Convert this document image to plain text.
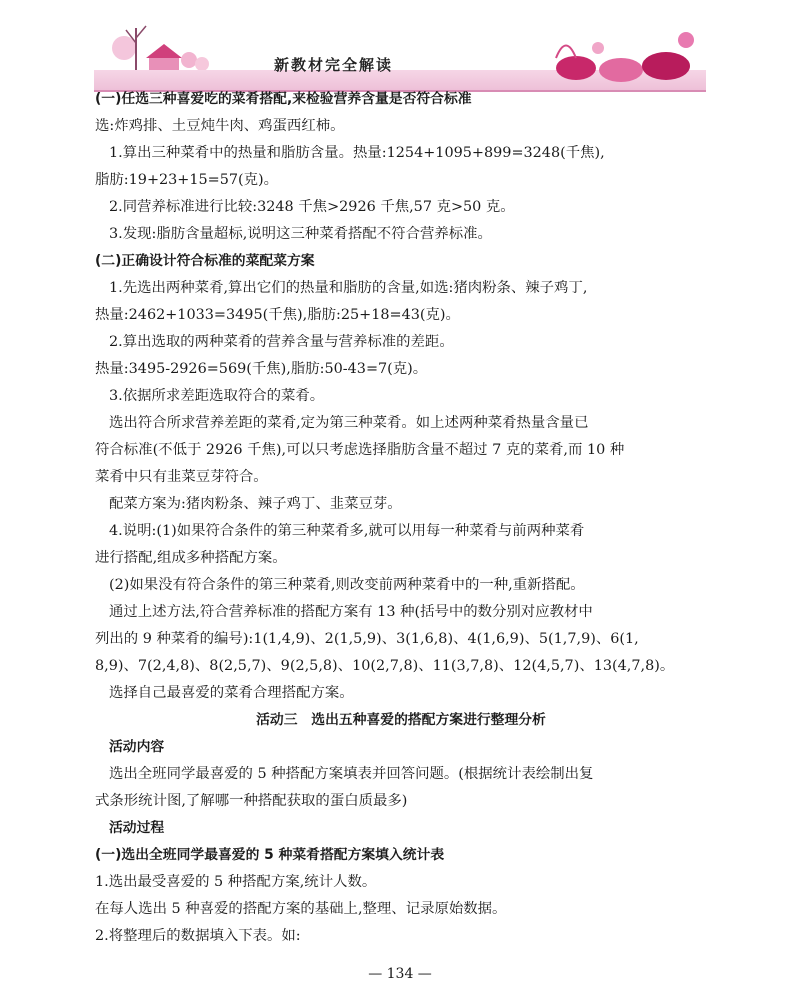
新教材完全解读

(一)任选三种喜爱吃的菜肴搭配,来检验营养含量是否符合标准

选:炸鸡排、土豆炖牛肉、鸡蛋西红柿。

1.算出三种菜肴中的热量和脂肪含量。热量:1254+1095+899=3248(千焦),

脂肪:19+23+15=57(克)。

2.同营养标准进行比较:3248 千焦>2926 千焦,57 克>50 克。

3.发现:脂肪含量超标,说明这三种菜肴搭配不符合营养标准。

(二)正确设计符合标准的菜配菜方案

1.先选出两种菜肴,算出它们的热量和脂肪的含量,如选:猪肉粉条、辣子鸡丁,

热量:2462+1033=3495(千焦),脂肪:25+18=43(克)。

2.算出选取的两种菜肴的营养含量与营养标准的差距。

热量:3495-2926=569(千焦),脂肪:50-43=7(克)。

3.依据所求差距选取符合的菜肴。

选出符合所求营养差距的菜肴,定为第三种菜肴。如上述两种菜肴热量含量已

符合标准(不低于 2926 千焦),可以只考虑选择脂肪含量不超过 7 克的菜肴,而 10 种

菜肴中只有韭菜豆芽符合。

配菜方案为:猪肉粉条、辣子鸡丁、韭菜豆芽。

4.说明:(1)如果符合条件的第三种菜肴多,就可以用每一种菜肴与前两种菜肴

进行搭配,组成多种搭配方案。

(2)如果没有符合条件的第三种菜肴,则改变前两种菜肴中的一种,重新搭配。

通过上述方法,符合营养标准的搭配方案有 13 种(括号中的数分别对应教材中

列出的 9 种菜肴的编号):1(1,4,9)、2(1,5,9)、3(1,6,8)、4(1,6,9)、5(1,7,9)、6(1,

8,9)、7(2,4,8)、8(2,5,7)、9(2,5,8)、10(2,7,8)、11(3,7,8)、12(4,5,7)、13(4,7,8)。

选择自己最喜爱的菜肴合理搭配方案。

活动三　选出五种喜爱的搭配方案进行整理分析

活动内容

选出全班同学最喜爱的 5 种搭配方案填表并回答问题。(根据统计表绘制出复

式条形统计图,了解哪一种搭配获取的蛋白质最多)

活动过程

(一)选出全班同学最喜爱的 5 种菜肴搭配方案填入统计表

1.选出最受喜爱的 5 种搭配方案,统计人数。

在每人选出 5 种喜爱的搭配方案的基础上,整理、记录原始数据。

2.将整理后的数据填入下表。如:

— 134 —
